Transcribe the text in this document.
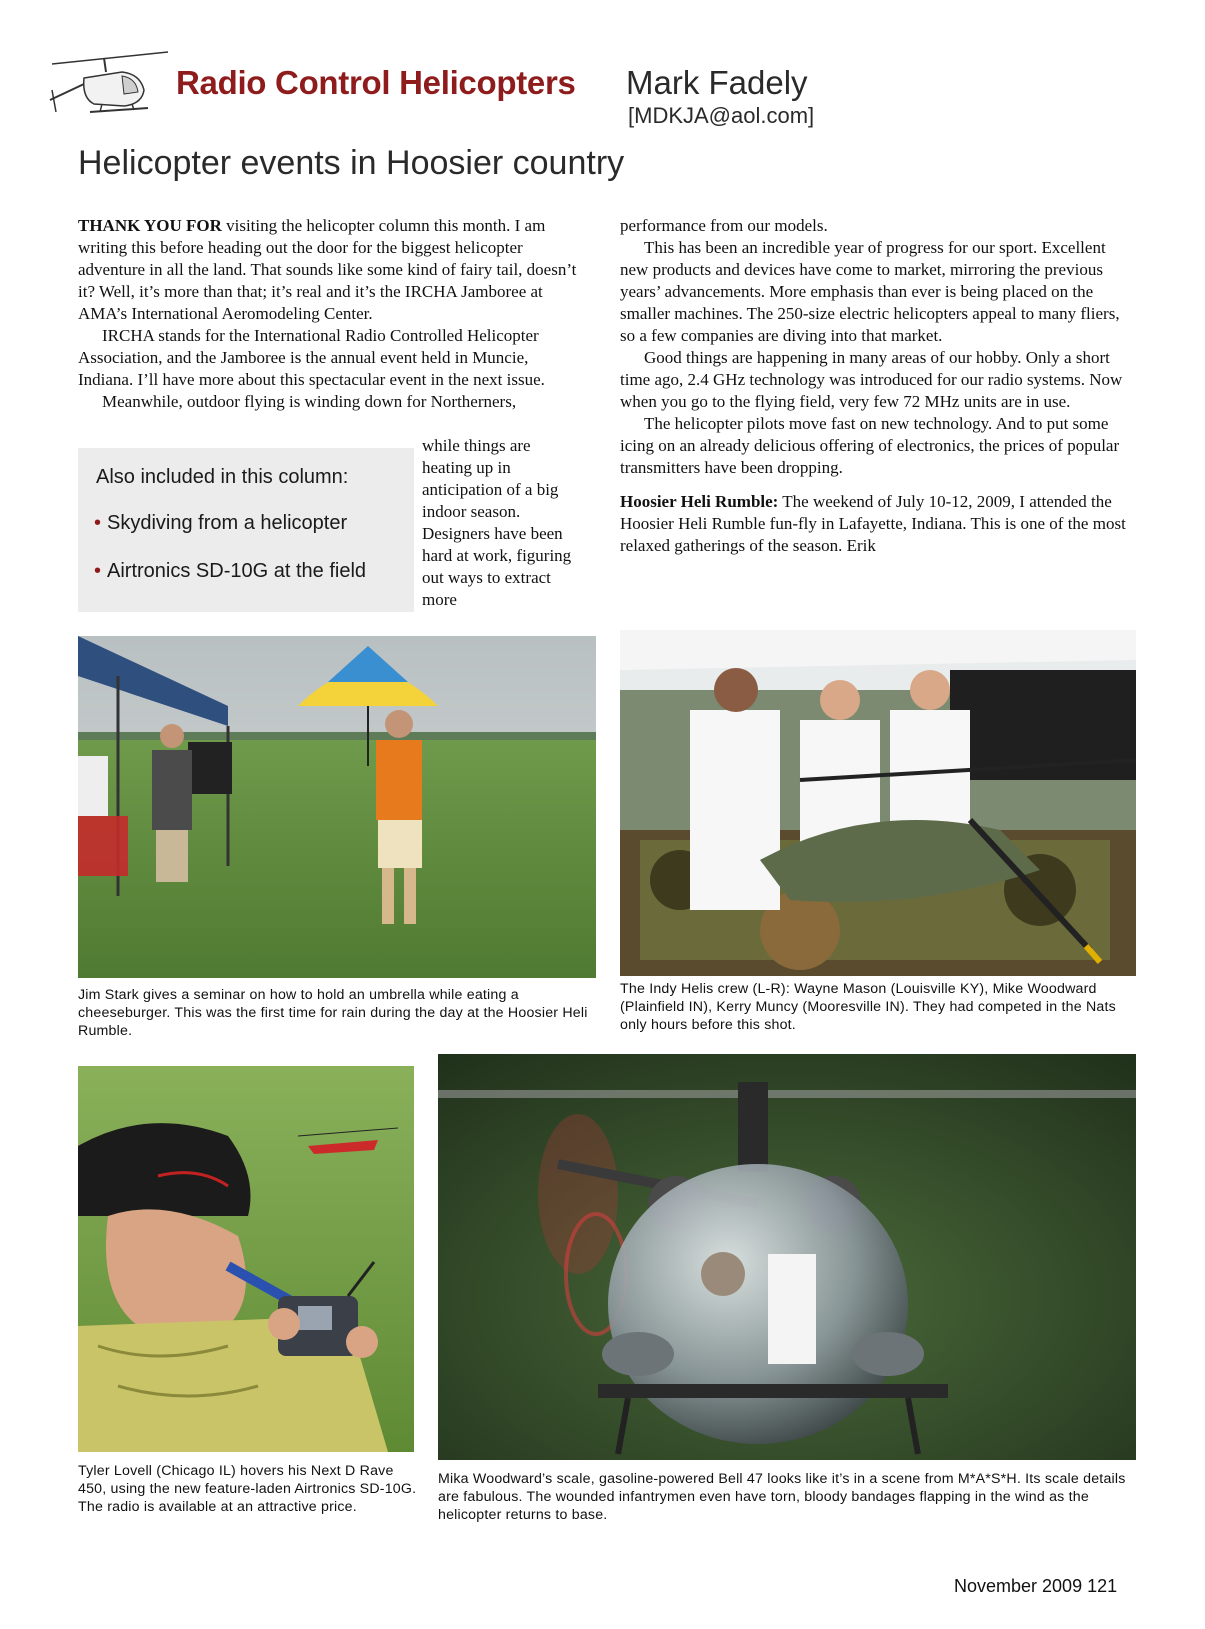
Radio Control Helicopters Mark Fadely
[MDKJA@aol.com]
Helicopter events in Hoosier country

THANK YOU FOR visiting the helicopter column this month. I am writing this before heading out the door for the biggest helicopter adventure in all the land. That sounds like some kind of fairy tail, doesn’t it? Well, it’s more than that; it’s real and it’s the IRCHA Jamboree at AMA’s International Aeromodeling Center.

IRCHA stands for the International Radio Controlled Helicopter Association, and the Jamboree is the annual event held in Muncie, Indiana. I’ll have more about this spectacular event in the next issue.

Meanwhile, outdoor flying is winding down for Northerners,

Also included in this column:
• Skydiving from a helicopter
• Airtronics SD-10G at the field
while things are heating up in anticipation of a big indoor season. Designers have been hard at work, figuring out ways to extract more

performance from our models.

This has been an incredible year of progress for our sport. Excellent new products and devices have come to market, mirroring the previous years’ advancements. More emphasis than ever is being placed on the smaller machines. The 250-size electric helicopters appeal to many fliers, so a few companies are diving into that market.

Good things are happening in many areas of our hobby. Only a short time ago, 2.4 GHz technology was introduced for our radio systems. Now when you go to the flying field, very few 72 MHz units are in use.

The helicopter pilots move fast on new technology. And to put some icing on an already delicious offering of electronics, the prices of popular transmitters have been dropping.

Hoosier Heli Rumble: The weekend of July 10-12, 2009, I attended the Hoosier Heli Rumble fun-fly in Lafayette, Indiana. This is one of the most relaxed gatherings of the season. Erik

Jim Stark gives a seminar on how to hold an umbrella while eating a cheeseburger. This was the first time for rain during the day at the Hoosier Heli Rumble.
The Indy Helis crew (L-R): Wayne Mason (Louisville KY), Mike Woodward (Plainfield IN), Kerry Muncy (Mooresville IN). They had competed in the Nats only hours before this shot.
Tyler Lovell (Chicago IL) hovers his Next D Rave 450, using the new feature-laden Airtronics SD-10G. The radio is available at an attractive price.
Mika Woodward’s scale, gasoline-powered Bell 47 looks like it’s in a scene from M*A*S*H. Its scale details are fabulous. The wounded infantrymen even have torn, bloody bandages flapping in the wind as the helicopter returns to base.
November 2009 121
